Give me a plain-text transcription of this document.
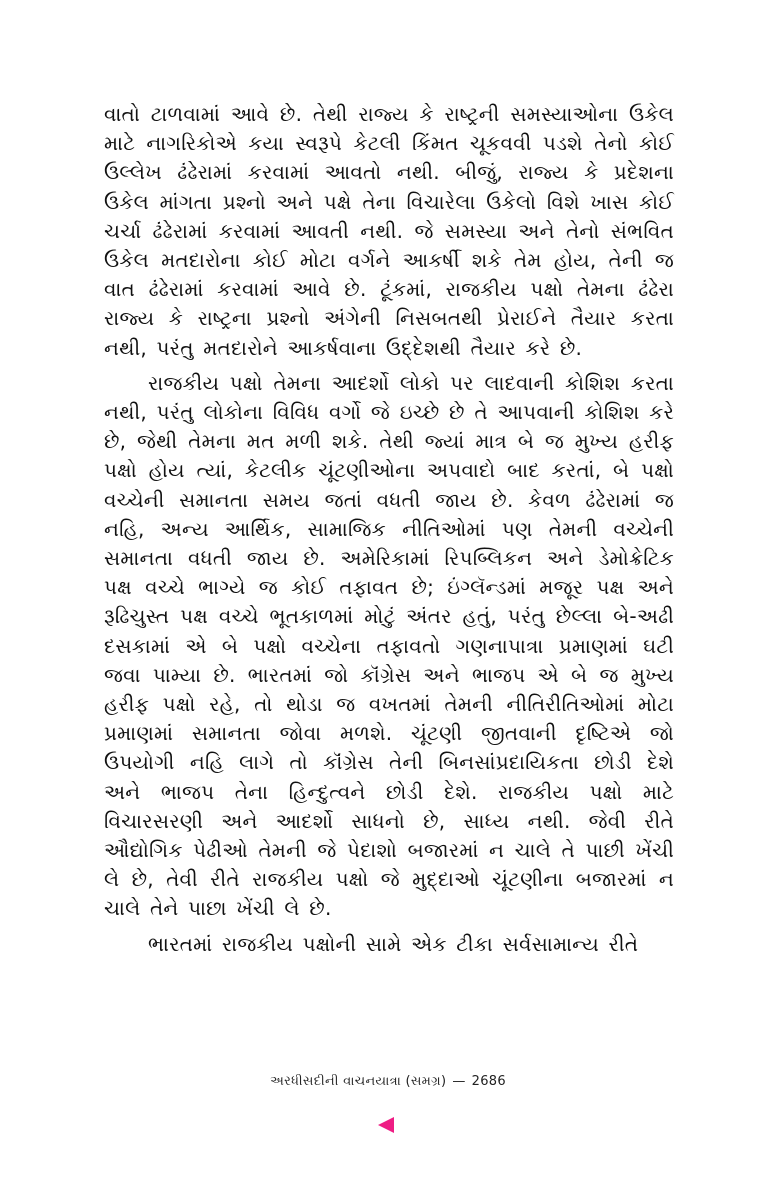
વાતો ટાળવામાં આવે છે. તેથી રાજ્ય કે રાષ્ટ્રની સમસ્યાઓના ઉકેલ માટે નાગરિકોએ કયા સ્વરૂપે કેટલી કિંમત ચૂકવવી પડશે તેનો કોઈ ઉલ્લેખ ઢંઢેરામાં કરવામાં આવતો નથી. બીજું, રાજ્ય કે પ્રદેશના ઉકેલ માંગતા પ્રશ્નો અને પક્ષે તેના વિચારેલા ઉકેલો વિશે ખાસ કોઈ ચર્ચા ઢંઢેરામાં કરવામાં આવતી નથી. જે સમસ્યા અને તેનો સંભવિત ઉકેલ મતદારોના કોઈ મોટા વર્ગને આકર્ષી શકે તેમ હોય, તેની જ વાત ઢંઢેરામાં કરવામાં આવે છે. ટૂંકમાં, રાજકીય પક્ષો તેમના ઢંઢેરા રાજ્ય કે રાષ્ટ્રના પ્રશ્નો અંગેની નિસબતથી પ્રેરાઈને તૈયાર કરતા નથી, પરંતુ મતદારોને આકર્ષવાના ઉદ્દેશથી તૈયાર કરે છે.

રાજકીય પક્ષો તેમના આદર્શો લોકો પર લાદવાની કોશિશ કરતા નથી, પરંતુ લોકોના વિવિધ વર્ગો જે ઇચ્છે છે તે આપવાની કોશિશ કરે છે, જેથી તેમના મત મળી શકે. તેથી જ્યાં માત્ર બે જ મુખ્ય હરીફ પક્ષો હોય ત્યાં, કેટલીક ચૂંટણીઓના અપવાદો બાદ કરતાં, બે પક્ષો વચ્ચેની સમાનતા સમય જતાં વધતી જાય છે. કેવળ ઢંઢેરામાં જ નહિ, અન્ય આર્થિક, સામાજિક નીતિઓમાં પણ તેમની વચ્ચેની સમાનતા વધતી જાય છે. અમેરિકામાં રિપબ્લિકન અને ડેમોક્રેટિક પક્ષ વચ્ચે ભાગ્યે જ કોઈ તફાવત છે; ઇંગ્લૅન્ડમાં મજૂર પક્ષ અને રૂઢિચુસ્ત પક્ષ વચ્ચે ભૂતકાળમાં મોટું અંતર હતું, પરંતુ છેલ્લા બે-અઢી દસકામાં એ બે પક્ષો વચ્ચેના તફાવતો ગણનાપાત્રા પ્રમાણમાં ઘટી જવા પામ્યા છે. ભારતમાં જો કૉંગ્રેસ અને ભાજપ એ બે જ મુખ્ય હરીફ પક્ષો રહે, તો થોડા જ વખતમાં તેમની નીતિરીતિઓમાં મોટા પ્રમાણમાં સમાનતા જોવા મળશે. ચૂંટણી જીતવાની દૃષ્ટિએ જો ઉપયોગી નહિ લાગે તો કૉંગ્રેસ તેની બિનસાંપ્રદાયિકતા છોડી દેશે અને ભાજપ તેના હિન્દુત્વને છોડી દેશે. રાજકીય પક્ષો માટે વિચારસરણી અને આદર્શો સાધનો છે, સાધ્ય નથી. જેવી રીતે ઔદ્યોગિક પેઢીઓ તેમની જે પેદાશો બજારમાં ન ચાલે તે પાછી ખેંચી લે છે, તેવી રીતે રાજકીય પક્ષો જે મુદ્દાઓ ચૂંટણીના બજારમાં ન ચાલે તેને પાછા ખેંચી લે છે.

ભારતમાં રાજકીય પક્ષોની સામે એક ટીકા સર્વસામાન્ય રીતે

અરધીસદીની વાચનયાત્રા (સમગ્ર) — 2686
